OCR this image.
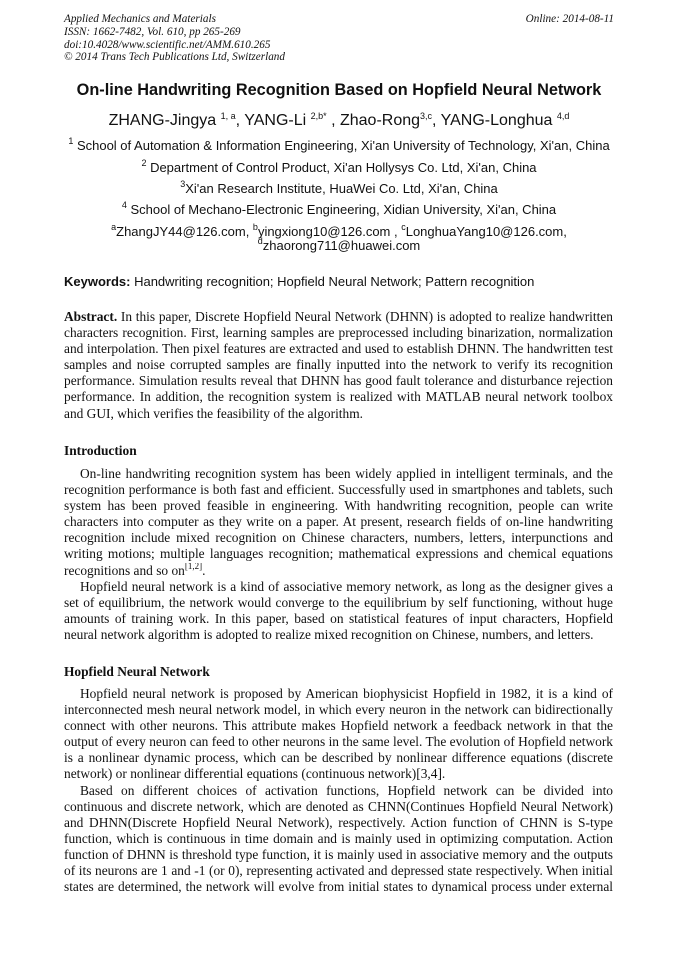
Applied Mechanics and Materials
ISSN: 1662-7482, Vol. 610, pp 265-269
doi:10.4028/www.scientific.net/AMM.610.265
© 2014 Trans Tech Publications Ltd, Switzerland
Online: 2014-08-11
On-line Handwriting Recognition Based on Hopfield Neural Network
ZHANG-Jingya $^{1, a}$, YANG-Li $^{2,b*}$ , Zhao-Rong$^{3,c}$, YANG-Longhua $^{4,d}$
$^1$ School of Automation & Information Engineering, Xi'an University of Technology, Xi'an, China
$^2$ Department of Control Product, Xi'an Hollysys Co. Ltd, Xi'an, China
$^3$Xi'an Research Institute, HuaWei Co. Ltd, Xi'an, China
$^4$ School of Mechano-Electronic Engineering, Xidian University, Xi'an, China
$^a$ZhangJY44@126.com, $^b$yingxiong10@126.com , $^c$LonghuaYang10@126.com,
$^d$zhaorong711@huawei.com
Keywords: Handwriting recognition; Hopfield Neural Network; Pattern recognition
Abstract. In this paper, Discrete Hopfield Neural Network (DHNN) is adopted to realize handwritten
characters recognition. First, learning samples are preprocessed including binarization, normalization
and interpolation. Then pixel features are extracted and used to establish DHNN. The handwritten test
samples and noise corrupted samples are finally inputted into the network to verify its recognition
performance. Simulation results reveal that DHNN has good fault tolerance and disturbance rejection
performance. In addition, the recognition system is realized with MATLAB neural network toolbox
and GUI, which verifies the feasibility of the algorithm.
Introduction
On-line handwriting recognition system has been widely applied in intelligent terminals, and the
recognition performance is both fast and efficient. Successfully used in smartphones and tablets, such
system has been proved feasible in engineering. With handwriting recognition, people can write
characters into computer as they write on a paper. At present, research fields of on-line handwriting
recognition include mixed recognition on Chinese characters, numbers, letters, interpunctions and
writing motions; multiple languages recognition; mathematical expressions and chemical equations
recognitions and so on[1,2].
Hopfield neural network is a kind of associative memory network, as long as the designer gives a
set of equilibrium, the network would converge to the equilibrium by self functioning, without huge
amounts of training work. In this paper, based on statistical features of input characters, Hopfield
neural network algorithm is adopted to realize mixed recognition on Chinese, numbers, and letters.
Hopfield Neural Network
Hopfield neural network is proposed by American biophysicist Hopfield in 1982, it is a kind of
interconnected mesh neural network model, in which every neuron in the network can bidirectionally
connect with other neurons. This attribute makes Hopfield network a feedback network in that the
output of every neuron can feed to other neurons in the same level. The evolution of Hopfield network
is a nonlinear dynamic process, which can be described by nonlinear difference equations (discrete
network) or nonlinear differential equations (continuous network)[3,4].
Based on different choices of activation functions, Hopfield network can be divided into
continuous and discrete network, which are denoted as CHNN(Continues Hopfield Neural Network)
and DHNN(Discrete Hopfield Neural Network), respectively. Action function of CHNN is S-type
function, which is continuous in time domain and is mainly used in optimizing computation. Action
function of DHNN is threshold type function, it is mainly used in associative memory and the outputs
of its neurons are 1 and -1 (or 0), representing activated and depressed state respectively. When initial
states are determined, the network will evolve from initial states to dynamical process under external
